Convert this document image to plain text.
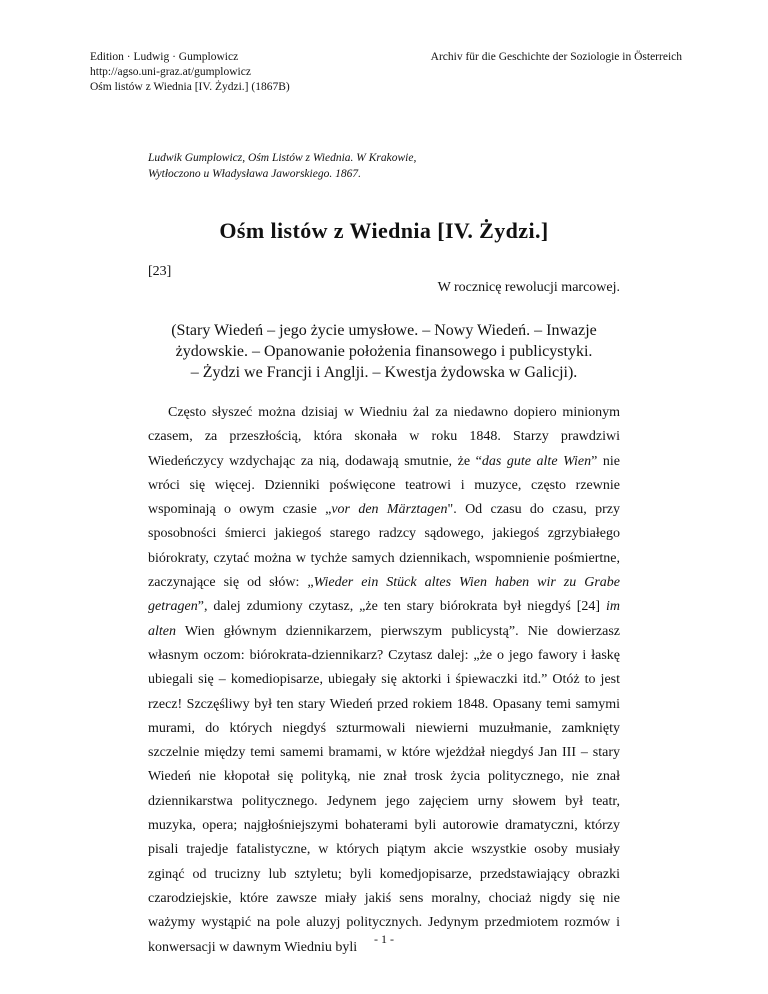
Edition · Ludwig · Gumplowicz
http://agso.uni-graz.at/gumplowicz
Ośm listów z Wiednia [IV. Żydzi.] (1867B)
Archiv für die Geschichte der Soziologie in Österreich
Ludwik Gumplowicz, Ośm Listów z Wiednia. W Krakowie,
Wytłoczono u Władysława Jaworskiego. 1867.
Ośm listów z Wiednia [IV. Żydzi.]
[23]
W rocznicę rewolucji marcowej.
(Stary Wiedeń – jego życie umysłowe. – Nowy Wiedeń. – Inwazje
żydowskie. – Opanowanie położenia finansowego i publicystyki.
– Żydzi we Francji i Anglji. – Kwestja żydowska w Galicji).

Często słyszeć można dzisiaj w Wiedniu żal za niedawno dopiero minionym czasem, za przeszłością, która skonała w roku 1848. Starzy prawdziwi Wiedeńczycy wzdychając za nią, dodawają smutnie, że “das gute alte Wien” nie wróci się więcej. Dzienniki poświęcone teatrowi i muzyce, często rzewnie wspominają o owym czasie „vor den Märztagen". Od czasu do czasu, przy sposobności śmierci jakiegoś starego radzcy sądowego, jakiegoś zgrzybiałego biórokraty, czytać można w tychże samych dziennikach, wspomnienie pośmiertne, zaczynające się od słów: „Wieder ein Stück altes Wien haben wir zu Grabe getragen”, dalej zdumiony czytasz, „że ten stary biórokrata był niegdyś [24] im alten Wien głównym dziennikarzem, pierwszym publicystą”. Nie dowierzasz własnym oczom: biórokrata-dziennikarz? Czytasz dalej: „że o jego fawory i łaskę ubiegali się – komediopisarze, ubiegały się aktorki i śpiewaczki itd.” Otóż to jest rzecz! Szczęśliwy był ten stary Wiedeń przed rokiem 1848. Opasany temi samymi murami, do których niegdyś szturmowali niewierni muzułmanie, zamknięty szczelnie między temi samemi bramami, w które wjeżdżał niegdyś Jan III – stary Wiedeń nie kłopotał się polityką, nie znał trosk życia politycznego, nie znał dziennikarstwa politycznego. Jedynem jego zajęciem urny słowem był teatr, muzyka, opera; najgłośniejszymi bohaterami byli autorowie dramatyczni, którzy pisali trajedje fatalistyczne, w których piątym akcie wszystkie osoby musiały zginąć od trucizny lub sztyletu; byli komedjopisarze, przedstawiający obrazki czarodziejskie, które zawsze miały jakiś sens moralny, chociaż nigdy się nie ważymy wystąpić na pole aluzyj politycznych. Jedynym przedmiotem rozmów i konwersacji w dawnym Wiedniu byli

- 1 -
